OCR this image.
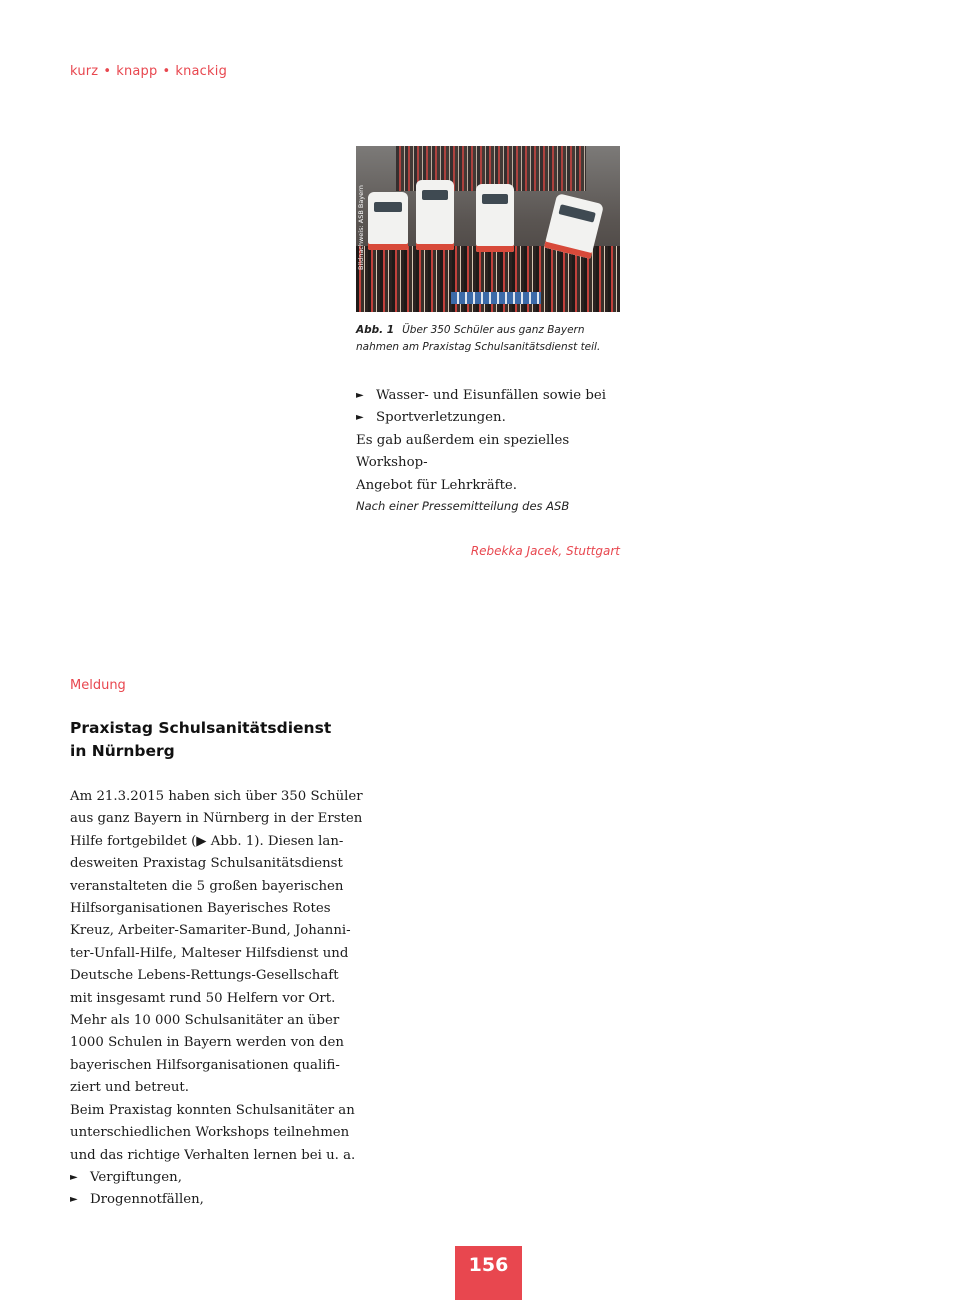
kurz • knapp • knackig
Bildnachweis: ASB Bayern
Abb. 1 Über 350 Schüler aus ganz Bayern nahmen am Praxistag Schulsanitätsdienst teil.
► Wasser- und Eisunfällen sowie bei
► Sportverletzungen.
Es gab außerdem ein spezielles Workshop-
Angebot für Lehrkräfte.
Nach einer Pressemitteilung des ASB
Rebekka Jacek, Stuttgart
Meldung
Praxistag Schulsanitätsdienst in Nürnberg
Am 21.3.2015 haben sich über 350 Schüler
aus ganz Bayern in Nürnberg in der Ersten
Hilfe fortgebildet (▶ Abb. 1). Diesen lan-
desweiten Praxistag Schulsanitätsdienst
veranstalteten die 5 großen bayerischen
Hilfsorganisationen Bayerisches Rotes
Kreuz, Arbeiter-Samariter-Bund, Johanni-
ter-Unfall-Hilfe, Malteser Hilfsdienst und
Deutsche Lebens-Rettungs-Gesellschaft
mit insgesamt rund 50 Helfern vor Ort.
Mehr als 10 000 Schulsanitäter an über
1000 Schulen in Bayern werden von den
bayerischen Hilfsorganisationen qualifi-
ziert und betreut.
Beim Praxistag konnten Schulsanitäter an
unterschiedlichen Workshops teilnehmen
und das richtige Verhalten lernen bei u. a.
► Vergiftungen,
► Drogennotfällen,
156
